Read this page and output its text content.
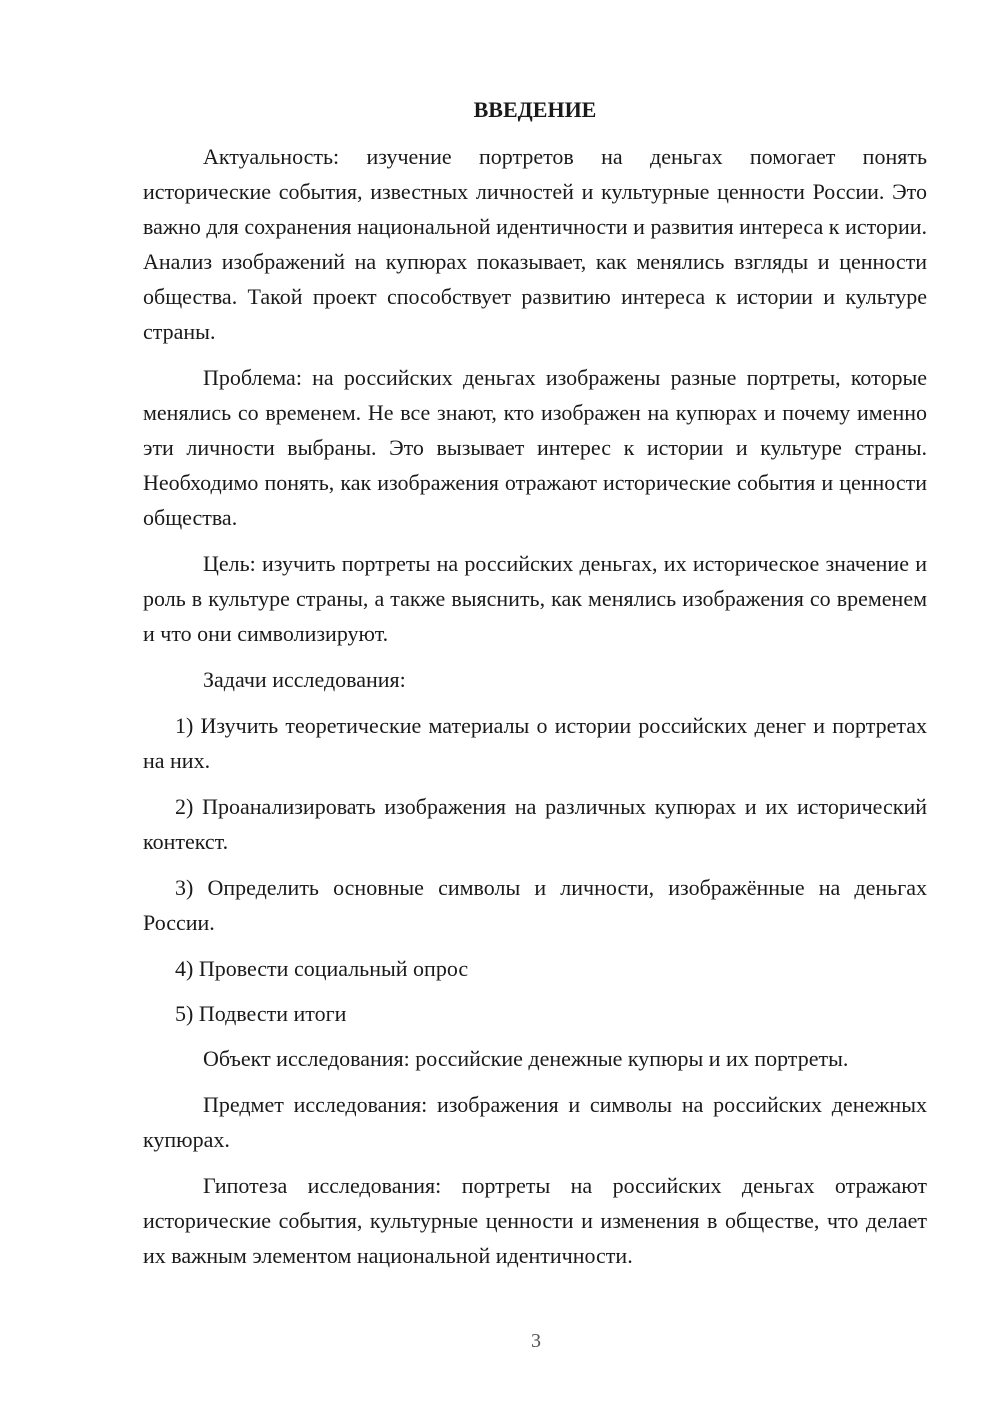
ВВЕДЕНИЕ

Актуальность: изучение портретов на деньгах помогает понять исторические события, известных личностей и культурные ценности России. Это важно для сохранения национальной идентичности и развития интереса к истории. Анализ изображений на купюрах показывает, как менялись взгляды и ценности общества. Такой проект способствует развитию интереса к истории и культуре страны.

Проблема: на российских деньгах изображены разные портреты, которые менялись со временем. Не все знают, кто изображен на купюрах и почему именно эти личности выбраны. Это вызывает интерес к истории и культуре страны. Необходимо понять, как изображения отражают исторические события и ценности общества.

Цель: изучить портреты на российских деньгах, их историческое значение и роль в культуре страны, а также выяснить, как менялись изображения со временем и что они символизируют.

Задачи исследования:

1) Изучить теоретические материалы о истории российских денег и портретах на них.

2) Проанализировать изображения на различных купюрах и их исторический контекст.

3) Определить основные символы и личности, изображённые на деньгах России.

4) Провести социальный опрос

5) Подвести итоги

Объект исследования: российские денежные купюры и их портреты.

Предмет исследования: изображения и символы на российских денежных купюрах.

Гипотеза исследования: портреты на российских деньгах отражают исторические события, культурные ценности и изменения в обществе, что делает их важным элементом национальной идентичности.

3
